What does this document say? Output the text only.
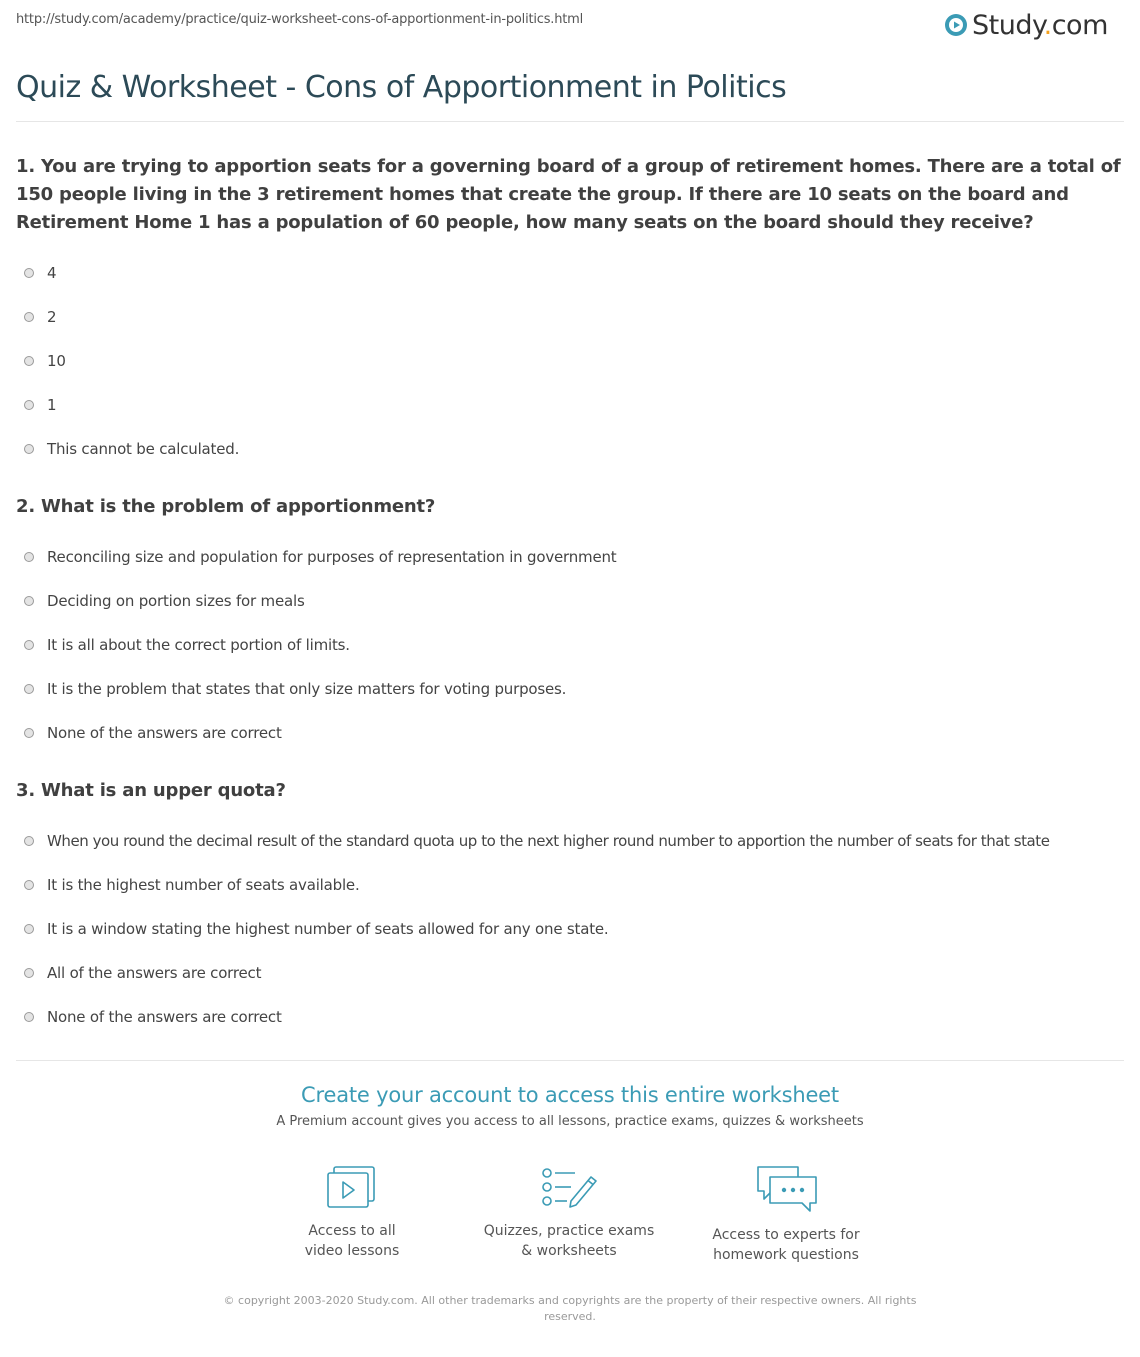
http://study.com/academy/practice/quiz-worksheet-cons-of-apportionment-in-politics.html	Study.com
Quiz & Worksheet - Cons of Apportionment in Politics
1. You are trying to apportion seats for a governing board of a group of retirement homes. There are a total of 150 people living in the 3 retirement homes that create the group. If there are 10 seats on the board and Retirement Home 1 has a population of 60 people, how many seats on the board should they receive?
4
2
10
1
This cannot be calculated.
2. What is the problem of apportionment?
Reconciling size and population for purposes of representation in government
Deciding on portion sizes for meals
It is all about the correct portion of limits.
It is the problem that states that only size matters for voting purposes.
None of the answers are correct
3. What is an upper quota?
When you round the decimal result of the standard quota up to the next higher round number to apportion the number of seats for that state
It is the highest number of seats available.
It is a window stating the highest number of seats allowed for any one state.
All of the answers are correct
None of the answers are correct
Create your account to access this entire worksheet
A Premium account gives you access to all lessons, practice exams, quizzes & worksheets
Access to all
video lessons
Quizzes, practice exams
& worksheets
Access to experts for
homework questions
© copyright 2003-2020 Study.com. All other trademarks and copyrights are the property of their respective owners. All rights
reserved.
